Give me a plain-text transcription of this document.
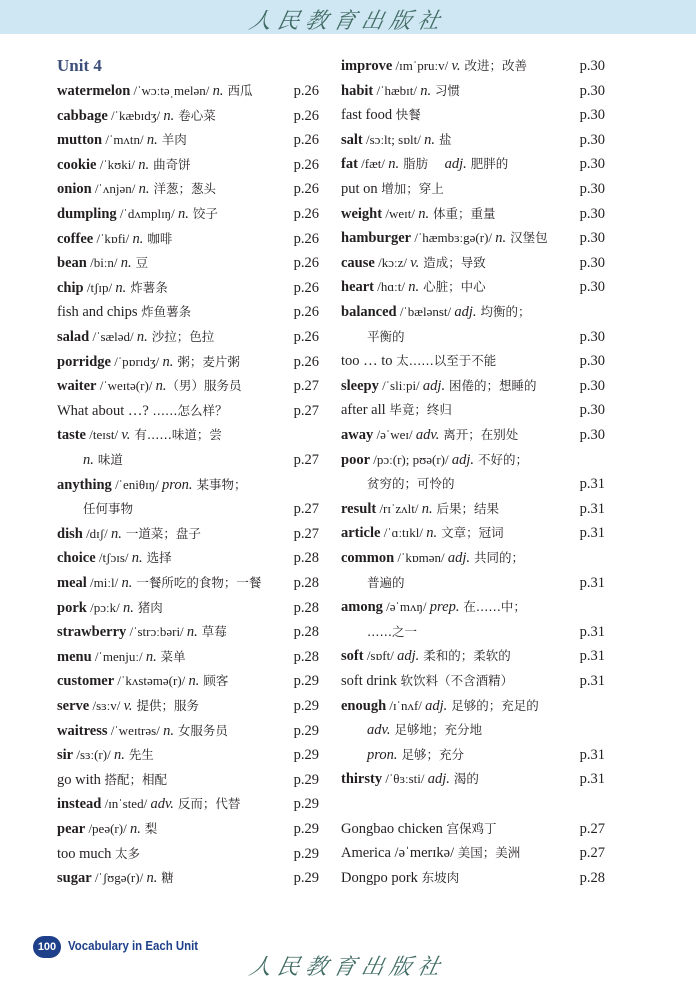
人民教育出版社
Unit 4
watermelon /ˈwɔːtəˌmelən/ n. 西瓜	p.26
cabbage /ˈkæbɪdʒ/ n. 卷心菜	p.26
mutton /ˈmʌtn/ n. 羊肉	p.26
cookie /ˈkʊki/ n. 曲奇饼	p.26
onion /ˈʌnjən/ n. 洋葱；葱头	p.26
dumpling /ˈdʌmplɪŋ/ n. 饺子	p.26
coffee /ˈkɒfi/ n. 咖啡	p.26
bean /biːn/ n. 豆	p.26
chip /tʃɪp/ n. 炸薯条	p.26
fish and chips 炸鱼薯条	p.26
salad /ˈsæləd/ n. 沙拉；色拉	p.26
porridge /ˈpɒrɪdʒ/ n. 粥；麦片粥	p.26
waiter /ˈweɪtə(r)/ n.（男）服务员	p.27
What about …? ……怎么样？	p.27
taste /teɪst/ v. 有……味道；尝
n. 味道	p.27
anything /ˈeniθɪŋ/ pron. 某事物；
任何事物	p.27
dish /dɪʃ/ n. 一道菜；盘子	p.27
choice /tʃɔɪs/ n. 选择	p.28
meal /miːl/ n. 一餐所吃的食物；一餐 p.28
pork /pɔːk/ n. 猪肉	p.28
strawberry /ˈstrɔːbəri/ n. 草莓	p.28
menu /ˈmenjuː/ n. 菜单	p.28
customer /ˈkʌstəmə(r)/ n. 顾客	p.29
serve /sɜːv/ v. 提供；服务	p.29
waitress /ˈweɪtrəs/ n. 女服务员	p.29
sir /sɜː(r)/ n. 先生	p.29
go with 搭配；相配	p.29
instead /ɪnˈsted/ adv. 反而；代替	p.29
pear /peə(r)/ n. 梨	p.29
too much 太多	p.29
sugar /ˈʃʊgə(r)/ n. 糖	p.29
improve /ɪmˈpruːv/ v. 改进；改善	p.30
habit /ˈhæbɪt/ n. 习惯	p.30
fast food 快餐	p.30
salt /sɔːlt; sɒlt/ n. 盐	p.30
fat /fæt/ n. 脂肪　 adj. 肥胖的	p.30
put on 增加；穿上	p.30
weight /weɪt/ n. 体重；重量	p.30
hamburger /ˈhæmbɜːgə(r)/ n. 汉堡包 p.30
cause /kɔːz/ v. 造成；导致	p.30
heart /hɑːt/ n. 心脏；中心	p.30
balanced /ˈbælənst/ adj. 均衡的；
平衡的	p.30
too … to 太……以至于不能	p.30
sleepy /ˈsliːpi/ adj. 困倦的；想睡的	p.30
after all 毕竟；终归	p.30
away /əˈweɪ/ adv. 离开；在别处	p.30
poor /pɔː(r); pʊə(r)/ adj. 不好的；
贫穷的；可怜的	p.31
result /rɪˈzʌlt/ n. 后果；结果	p.31
article /ˈɑːtɪkl/ n. 文章；冠词	p.31
common /ˈkɒmən/ adj. 共同的；
普遍的	p.31
among /əˈmʌŋ/ prep. 在……中；
……之一	p.31
soft /sɒft/ adj. 柔和的；柔软的	p.31
soft drink 软饮料（不含酒精）	p.31
enough /ɪˈnʌf/ adj. 足够的；充足的
adv. 足够地；充分地
pron. 足够；充分	p.31
thirsty /ˈθɜːsti/ adj. 渴的	p.31
Gongbao chicken 宫保鸡丁	p.27
America /əˈmerɪkə/ 美国；美洲	p.27
Dongpo pork 东坡肉	p.28
100 Vocabulary in Each Unit
人民教育出版社
